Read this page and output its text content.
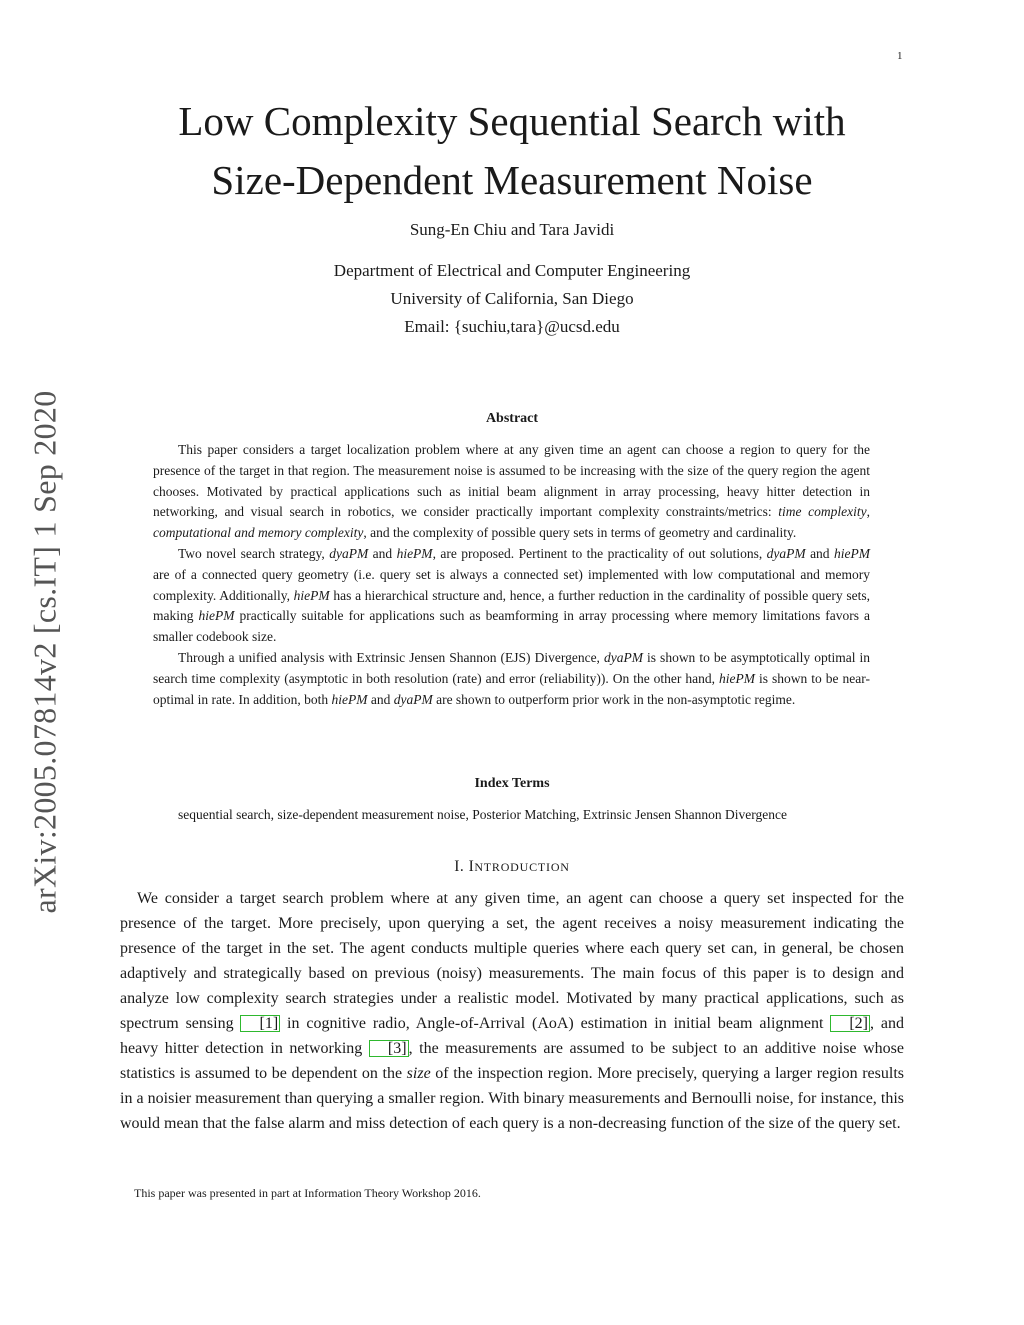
1
arXiv:2005.07814v2 [cs.IT] 1 Sep 2020
Low Complexity Sequential Search with
Size-Dependent Measurement Noise
Sung-En Chiu and Tara Javidi
Department of Electrical and Computer Engineering
University of California, San Diego
Email: {suchiu,tara}@ucsd.edu
Abstract

This paper considers a target localization problem where at any given time an agent can choose a region to query for the presence of the target in that region. The measurement noise is assumed to be increasing with the size of the query region the agent chooses. Motivated by practical applications such as initial beam alignment in array processing, heavy hitter detection in networking, and visual search in robotics, we consider practically important complexity constraints/metrics: time complexity, computational and memory complexity, and the complexity of possible query sets in terms of geometry and cardinality.

Two novel search strategy, dyaPM and hiePM, are proposed. Pertinent to the practicality of out solutions, dyaPM and hiePM are of a connected query geometry (i.e. query set is always a connected set) implemented with low computational and memory complexity. Additionally, hiePM has a hierarchical structure and, hence, a further reduction in the cardinality of possible query sets, making hiePM practically suitable for applications such as beamforming in array processing where memory limitations favors a smaller codebook size.

Through a unified analysis with Extrinsic Jensen Shannon (EJS) Divergence, dyaPM is shown to be asymptotically optimal in search time complexity (asymptotic in both resolution (rate) and error (reliability)). On the other hand, hiePM is shown to be near-optimal in rate. In addition, both hiePM and dyaPM are shown to outperform prior work in the non-asymptotic regime.

Index Terms
sequential search, size-dependent measurement noise, Posterior Matching, Extrinsic Jensen Shannon Divergence
I. INTRODUCTION

We consider a target search problem where at any given time, an agent can choose a query set inspected for the presence of the target. More precisely, upon querying a set, the agent receives a noisy measurement indicating the presence of the target in the set. The agent conducts multiple queries where each query set can, in general, be chosen adaptively and strategically based on previous (noisy) measurements. The main focus of this paper is to design and analyze low complexity search strategies under a realistic model. Motivated by many practical applications, such as spectrum sensing [1] in cognitive radio, Angle-of-Arrival (AoA) estimation in initial beam alignment [2] , and heavy hitter detection in networking [3] , the measurements are assumed to be subject to an additive noise whose statistics is assumed to be dependent on the size of the inspection region. More precisely, querying a larger region results in a noisier measurement than querying a smaller region. With binary measurements and Bernoulli noise, for instance, this would mean that the false alarm and miss detection of each query is a non-decreasing function of the size of the query set.

This paper was presented in part at Information Theory Workshop 2016.
